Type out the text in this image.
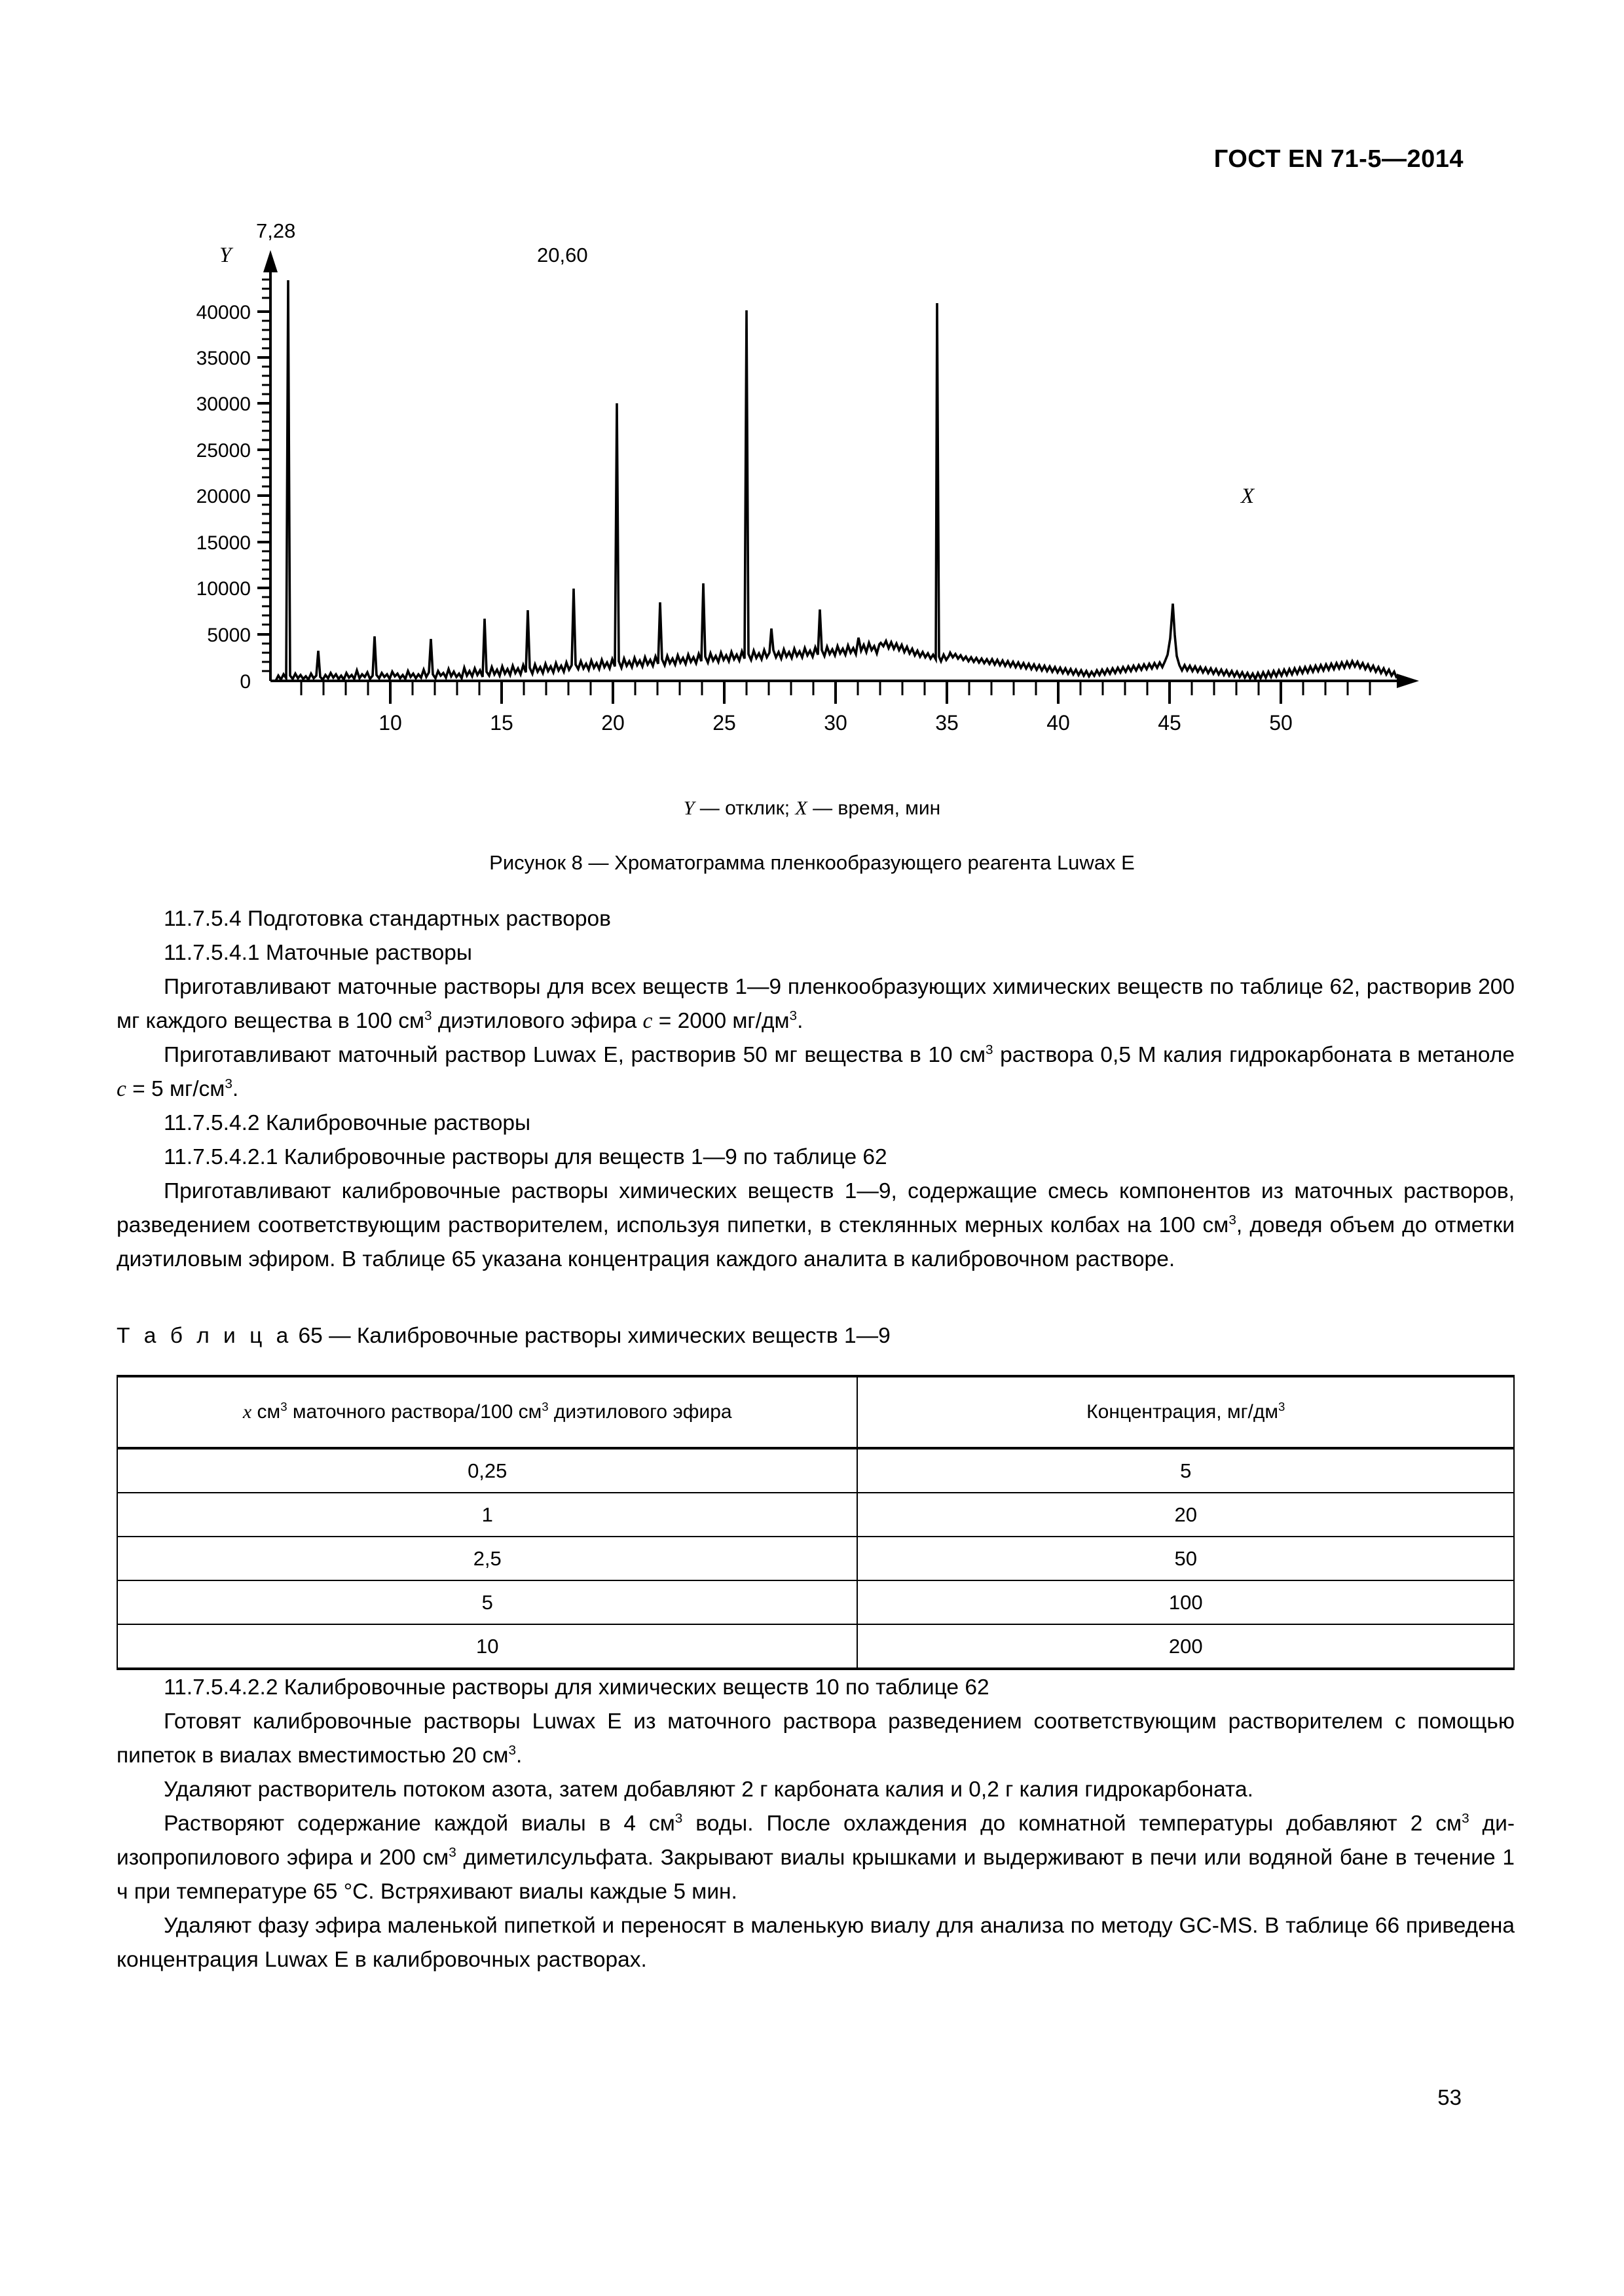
ГОСТ EN 71-5—2014
Y
7,28
20,60
X
40000
35000
30000
25000
20000
15000
10000
5000
0
10	15	20	25	30	35	40	45	50
Y — отклик; X — время, мин
Рисунок 8 — Хроматограмма пленкообразующего реагента Luwax E

11.7.5.4 Подготовка стандартных растворов

11.7.5.4.1 Маточные растворы

Приготавливают маточные растворы для всех веществ 1—9 пленкообразующих химических веществ по таблице 62, растворив 200 мг каждого вещества в 100 $см^3$ диэтилового эфира c = 2000 $мг/дм^3$.

Приготавливают маточный раствор Luwax E, растворив 50 мг вещества в 10 $см^3$ раствора 0,5 М калия гидрокарбоната в метаноле c = 5 $мг/см^3$.

11.7.5.4.2 Калибровочные растворы

11.7.5.4.2.1 Калибровочные растворы для веществ 1—9 по таблице 62

Приготавливают калибровочные растворы химических веществ 1—9, содержащие смесь компонентов из маточных растворов, разведением соответствующим растворителем, используя пипетки, в стеклянных мерных колбах на 100 $см^3$, доведя объем до отметки диэтиловым эфиром. В таблице 65 указана концентрация каждого аналита в калибровочном растворе.

Т а б л и ц а 65 — Калибровочные растворы химических веществ 1—9
x $см^3$ маточного раствора/100 $см^3$ диэтилового эфира	Концентрация, $мг/дм^3$
0,25	5
1	20
2,5	50
5	100
10	200

11.7.5.4.2.2 Калибровочные растворы для химических веществ 10 по таблице 62

Готовят калибровочные растворы Luwax E из маточного раствора разведением соответствующим растворителем с помощью пипеток в виалах вместимостью 20 $см^3$.

Удаляют растворитель потоком азота, затем добавляют 2 г карбоната калия и 0,2 г калия гидрокарбоната.

Растворяют содержание каждой виалы в 4 $см^3$ воды. После охлаждения до комнатной температуры добавляют 2 $см^3$ ди-изопропилового эфира и 200 $см^3$ диметилсульфата. Закрывают виалы крышками и выдерживают в печи или водяной бане в течение 1 ч при температуре 65 °C. Встряхивают виалы каждые 5 мин.

Удаляют фазу эфира маленькой пипеткой и переносят в маленькую виалу для анализа по методу GC-MS. В таблице 66 приведена концентрация Luwax E в калибровочных растворах.

53
